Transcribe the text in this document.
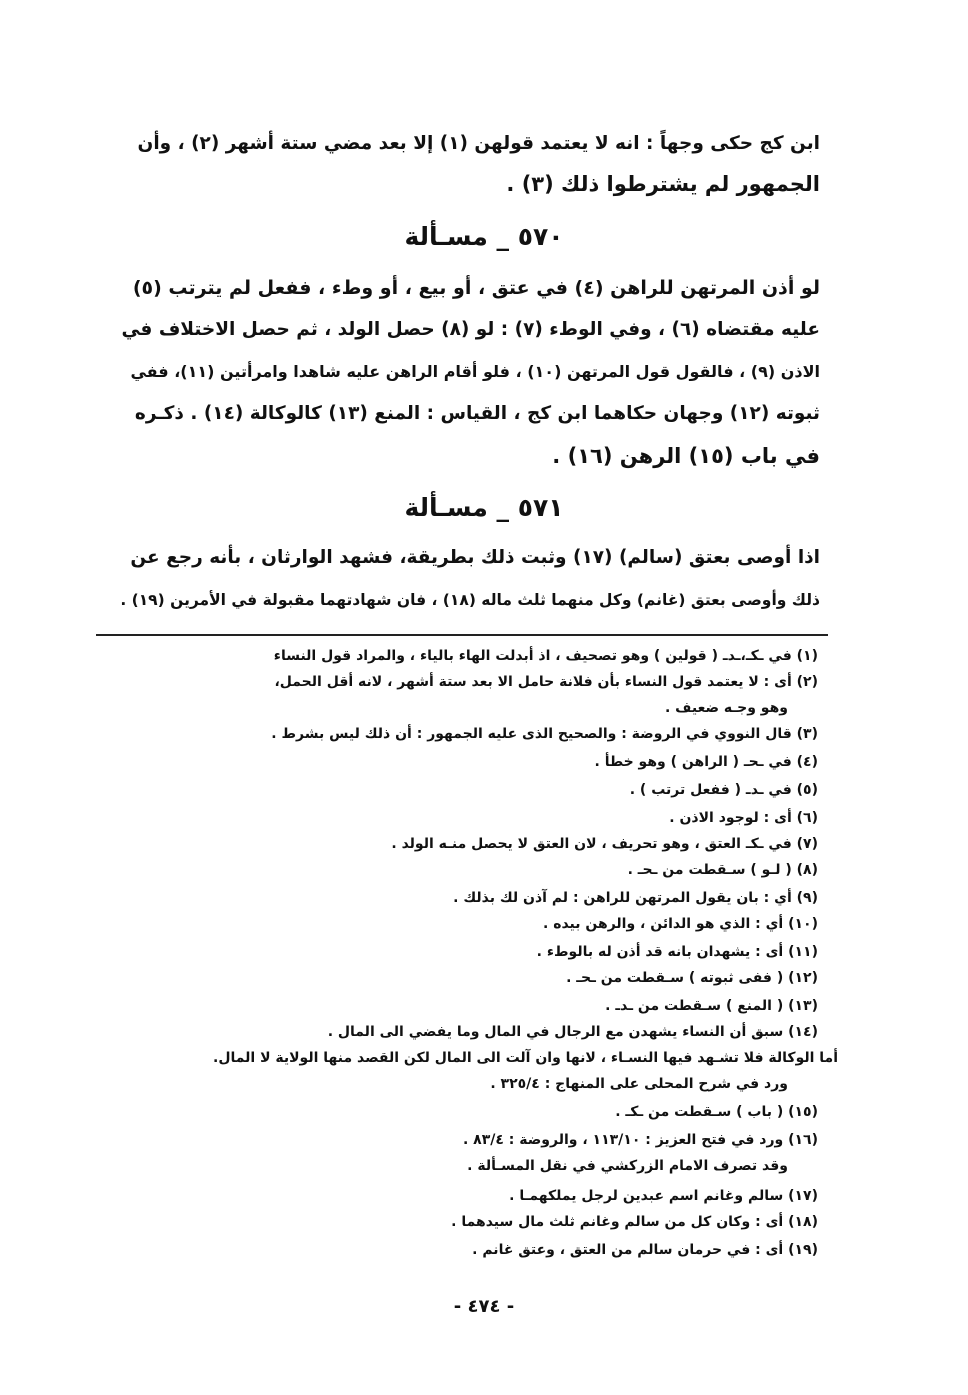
ابن كج حكى وجهاً : انه لا يعتمد قولهن (١) إلا بعد مضي ستة أشهر (٢) ، وأن
الجمهور لم يشترطوا ذلك (٣) .
٥٧٠ _ مسـألة
لو أذن المرتهن للراهن (٤) في عتق ، أو بيع ، أو وطء ، ففعل لم يترتب (٥)
عليه مقتضاه (٦) ، وفي الوطء (٧) : لو (٨) حصل الولد ، ثم حصل الاختلاف في
الاذن (٩) ، فالقول قول المرتهن (١٠) ، فلو أقام الراهن عليه شاهدا وامرأتين (١١)، ففي
ثبوته (١٢) وجهان حكاهما ابن كج ، القياس : المنع (١٣) كالوكالة (١٤) . ذكـره
في باب (١٥) الرهن (١٦) .
٥٧١ _ مسـألة
اذا أوصى بعتق (سالم) (١٧) وثبت ذلك بطريقة، فشهد الوارثان ، بأنه رجع عن
ذلك وأوصى بعتق (غانم) وكل منهما ثلث ماله (١٨) ، فان شهادتهما مقبولة في الأمرين (١٩) .
(١) في ـكـ،ـدـ ( قولين ) وهو تصحيف ، اذ أبدلت الهاء بالياء ، والمراد قول النساء
(٢) أى : لا يعتمد قول النساء بأن فلانة حامل الا بعد ستة أشهر ، لانه أقل الحمل،
وهو وجـه ضعيف .
(٣) قال النووي في الروضة : والصحيح الذى عليه الجمهور : أن ذلك ليس بشرط .
(٤) في ـحـ ( الراهن ) وهو خطأ .
(٥) في ـدـ ( ففعل ترتب ) .
(٦) أى : لوجود الاذن .
(٧) في ـكـ العتق ، وهو تحريف ، لان العتق لا يحصل منـه الولد .
(٨) ( لـو ) سـقطت من ـحـ .
(٩) أي : بان يقول المرتهن للراهن : لم آذن لك بذلك .
(١٠) أي : الذي هو الدائن ، والرهن بيده .
(١١) أى : يشهدان بانه قد أذن له بالوطء .
(١٢) ( ففى ثبوته ) سـقطت من ـحـ .
(١٣) ( المنع ) سـقطت من ـدـ .
(١٤) سبق أن النساء يشهدن مع الرجال في المال وما يفضي الى المال .
أما الوكالة فلا تشـهد فيها النسـاء ، لانها وان آلت الى المال لكن القصد منها الولاية لا المال.
ورد في شرح المحلى على المنهاج : ٣٢٥/٤ .
(١٥) ( باب ) سـقطت من ـكـ .
(١٦) ورد في فتح العزيز : ١١٣/١٠ ، والروضة : ٨٣/٤ .
وقد تصرف الامام الزركشي في نقل المسـألة .
(١٧) سالم وغانم اسم عبدين لرجل يملكهمـا .
(١٨) أى : وكان كل من سالم وغانم ثلث مال سيدهما .
(١٩) أى : في حرمان سالم من العتق ، وعتق غانم .
- ٤٧٤ -
